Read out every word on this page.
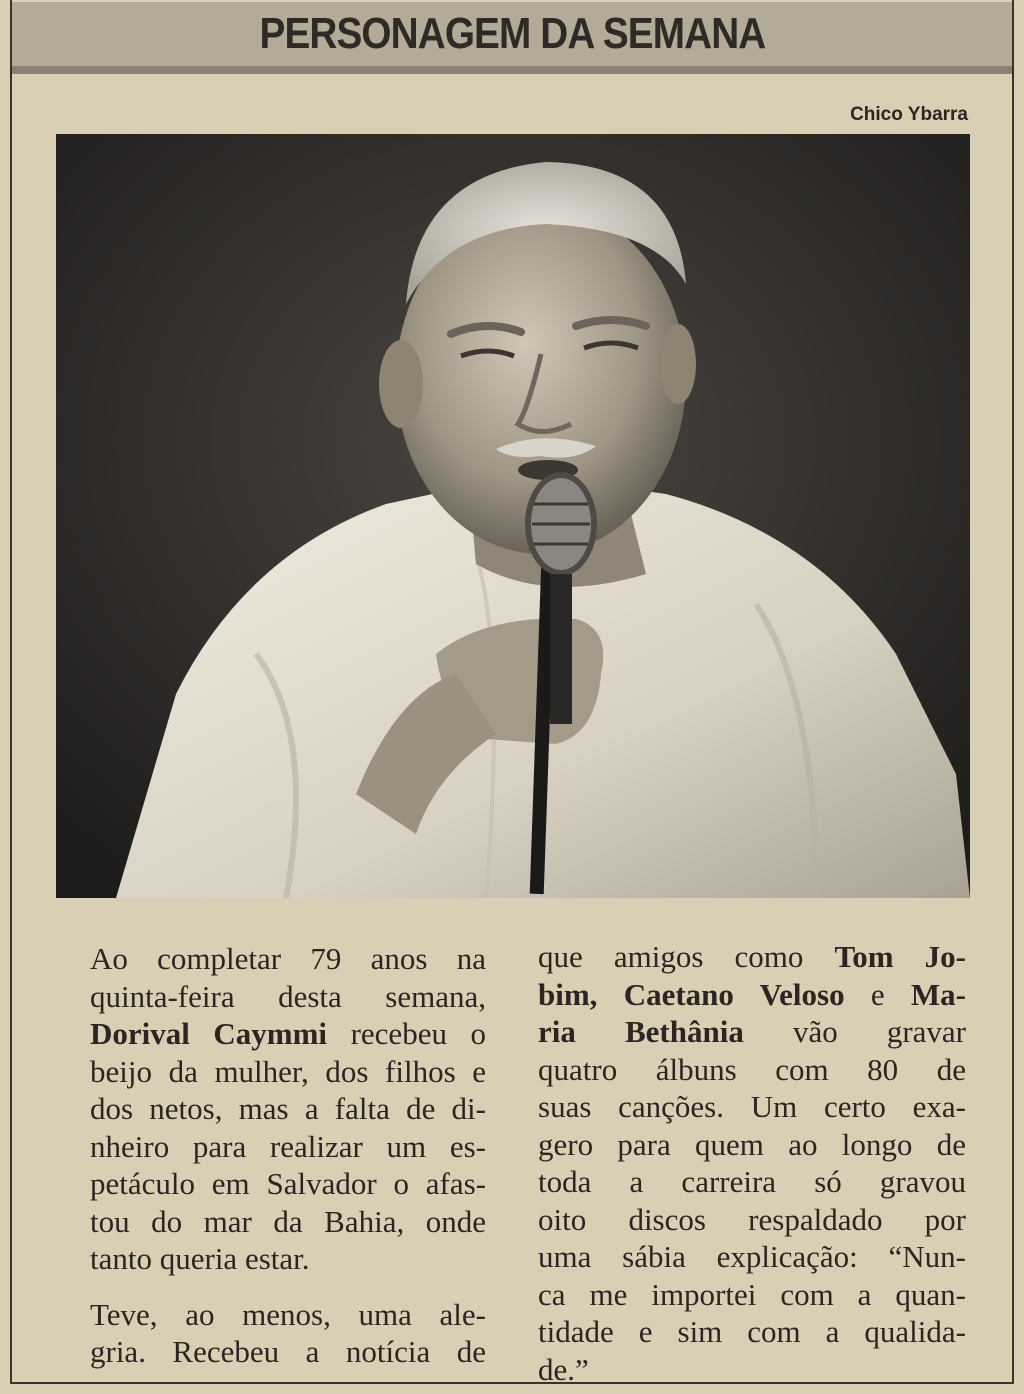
PERSONAGEM DA SEMANA
Chico Ybarra

Ao completar 79 anos na
quinta-feira desta semana,
Dorival Caymmi recebeu o
beijo da mulher, dos filhos e
dos netos, mas a falta de di-
nheiro para realizar um es-
petáculo em Salvador o afas-
tou do mar da Bahia, onde
tanto queria estar.

Teve, ao menos, uma ale-
gria. Recebeu a notícia de

que amigos como Tom Jo-
bim, Caetano Veloso e Ma-
ria Bethânia vão gravar
quatro álbuns com 80 de
suas canções. Um certo exa-
gero para quem ao longo de
toda a carreira só gravou
oito discos respaldado por
uma sábia explicação: “Nun-
ca me importei com a quan-
tidade e sim com a qualida-
de.”
